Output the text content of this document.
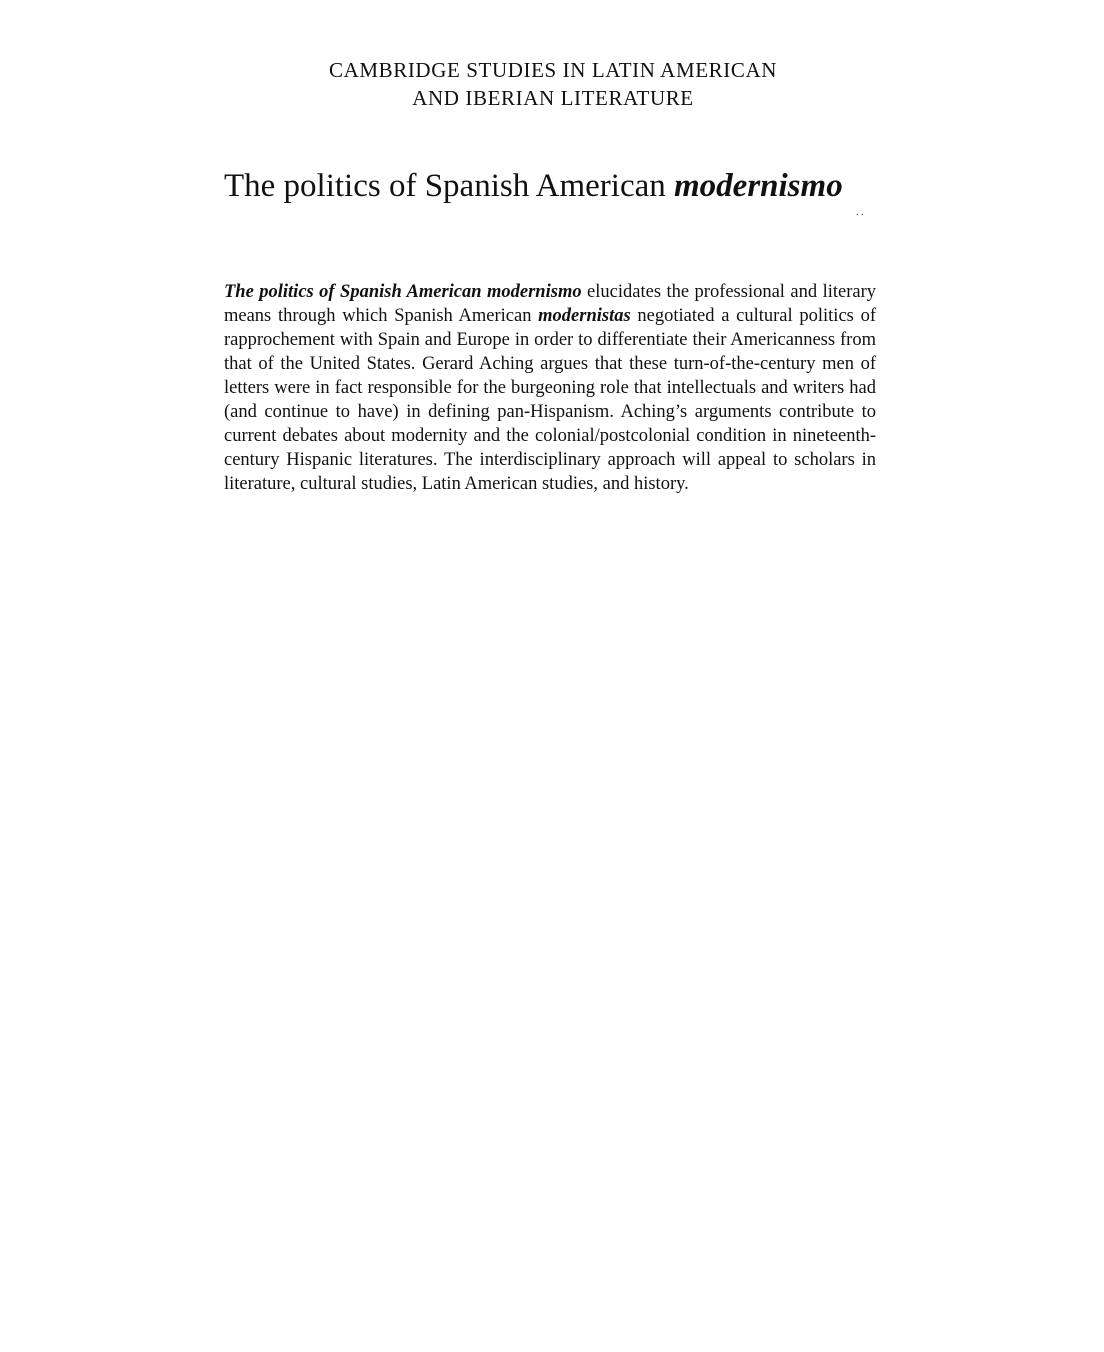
CAMBRIDGE STUDIES IN LATIN AMERICAN
AND IBERIAN LITERATURE
The politics of Spanish American modernismo
. .

The politics of Spanish American modernismo elucidates the professional and literary means through which Spanish American modernistas negotiated a cultural politics of rapprochement with Spain and Europe in order to differentiate their Americanness from that of the United States. Gerard Aching argues that these turn-of-the-century men of letters were in fact responsible for the burgeoning role that intellectuals and writers had (and continue to have) in defining pan-Hispanism. Aching’s arguments contribute to current debates about modernity and the colonial/postcolonial condition in nineteenth-century Hispanic literatures. The interdisciplinary approach will appeal to scholars in literature, cultural studies, Latin American studies, and history.
